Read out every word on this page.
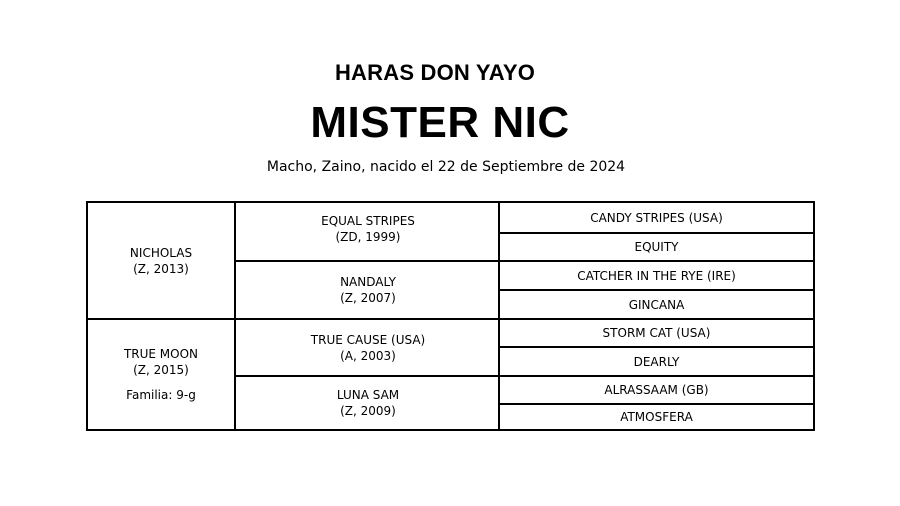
HARAS DON YAYO
MISTER NIC
Macho, Zaino, nacido el 22 de Septiembre de 2024
NICHOLAS
(Z, 2013)
TRUE MOON
(Z, 2015)
Familia: 9-g
EQUAL STRIPES
(ZD, 1999)
NANDALY
(Z, 2007)
TRUE CAUSE (USA)
(A, 2003)
LUNA SAM
(Z, 2009)
CANDY STRIPES (USA)
EQUITY
CATCHER IN THE RYE (IRE)
GINCANA
STORM CAT (USA)
DEARLY
ALRASSAAM (GB)
ATMOSFERA
